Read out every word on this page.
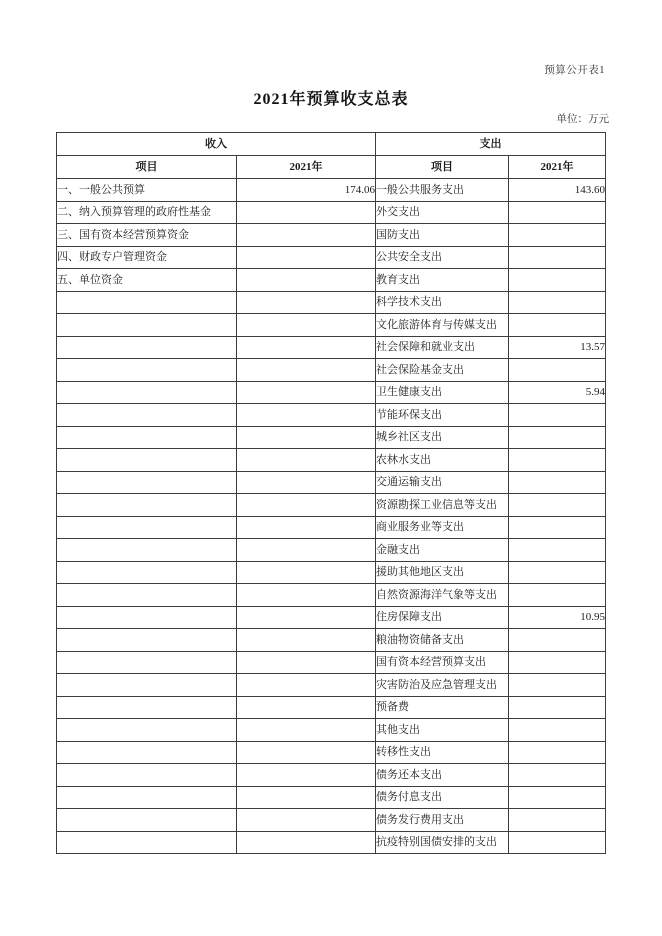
预算公开表1
2021年预算收支总表
单位：万元
收入		支出	
项目	2021年	项目	2021年
一、一般公共预算	174.06	一般公共服务支出	143.60
二、纳入预算管理的政府性基金		外交支出	
三、国有资本经营预算资金		国防支出	
四、财政专户管理资金		公共安全支出	
五、单位资金		教育支出	
		科学技术支出	
		文化旅游体育与传媒支出	
		社会保障和就业支出	13.57
		社会保险基金支出	
		卫生健康支出	5.94
		节能环保支出	
		城乡社区支出	
		农林水支出	
		交通运输支出	
		资源勘探工业信息等支出	
		商业服务业等支出	
		金融支出	
		援助其他地区支出	
		自然资源海洋气象等支出	
		住房保障支出	10.95
		粮油物资储备支出	
		国有资本经营预算支出	
		灾害防治及应急管理支出	
		预备费	
		其他支出	
		转移性支出	
		债务还本支出	
		债务付息支出	
		债务发行费用支出	
		抗疫特别国债安排的支出	
